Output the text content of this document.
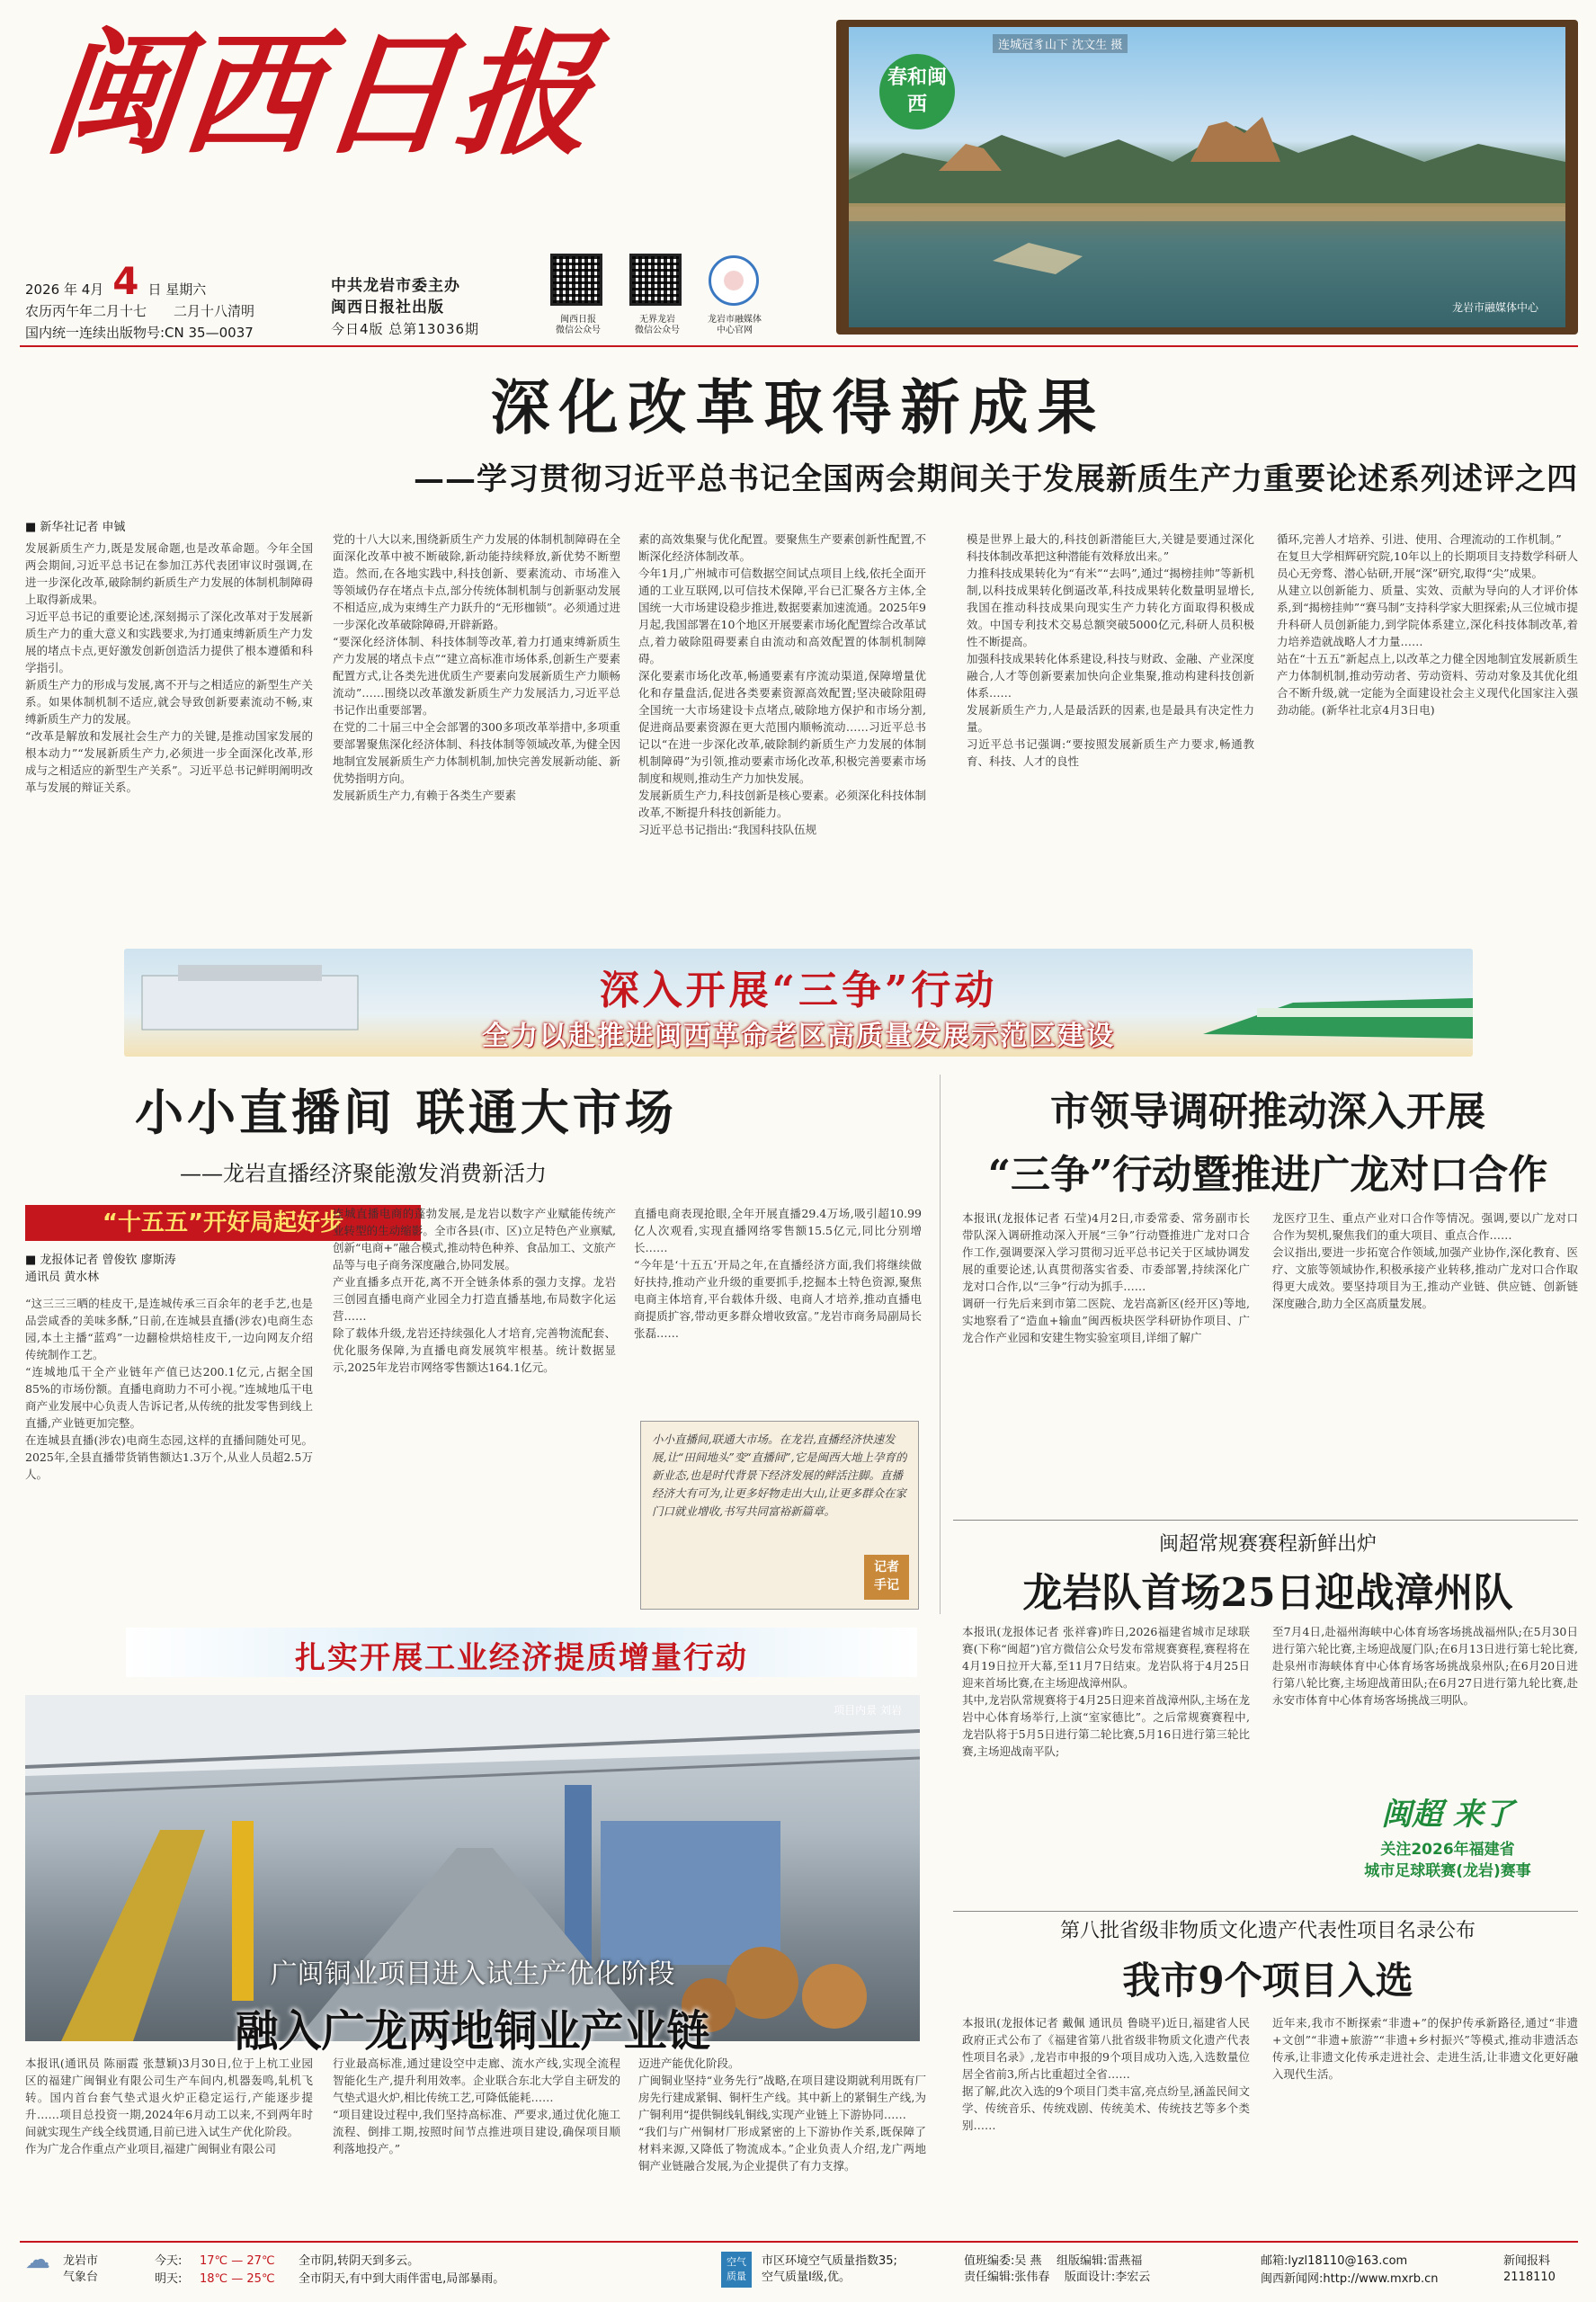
闽西日报
2026 年 4月 4 日 星期六
农历丙午年二月十七 二月十八清明
国内统一连续出版物号:CN 35—0037
中共龙岩市委主办
闽西日报社出版
今日4版 总第13036期
闽西日报
微信公众号
无界龙岩
微信公众号
龙岩市融媒体
中心官网
春和闽西
连城冠豸山下 沈文生 摄
龙岩市融媒体中心
深化改革取得新成果
——学习贯彻习近平总书记全国两会期间关于发展新质生产力重要论述系列述评之四
■ 新华社记者 申铖
发展新质生产力,既是发展命题,也是改革命题。今年全国两会期间,习近平总书记在参加江苏代表团审议时强调,在进一步深化改革,破除制约新质生产力发展的体制机制障碍上取得新成果。
习近平总书记的重要论述,深刻揭示了深化改革对于发展新质生产力的重大意义和实践要求,为打通束缚新质生产力发展的堵点卡点,更好激发创新创造活力提供了根本遵循和科学指引。
新质生产力的形成与发展,离不开与之相适应的新型生产关系。如果体制机制不适应,就会导致创新要素流动不畅,束缚新质生产力的发展。
“改革是解放和发展社会生产力的关键,是推动国家发展的根本动力”“发展新质生产力,必须进一步全面深化改革,形成与之相适应的新型生产关系”。习近平总书记鲜明阐明改革与发展的辩证关系。
党的十八大以来,围绕新质生产力发展的体制机制障碍在全面深化改革中被不断破除,新动能持续释放,新优势不断塑造。然而,在各地实践中,科技创新、要素流动、市场准入等领域仍存在堵点卡点,部分传统体制机制与创新驱动发展不相适应,成为束缚生产力跃升的“无形枷锁”。必须通过进一步深化改革破除障碍,开辟新路。
“要深化经济体制、科技体制等改革,着力打通束缚新质生产力发展的堵点卡点”“建立高标准市场体系,创新生产要素配置方式,让各类先进优质生产要素向发展新质生产力顺畅流动”……围绕以改革激发新质生产力发展活力,习近平总书记作出重要部署。
在党的二十届三中全会部署的300多项改革举措中,多项重要部署聚焦深化经济体制、科技体制等领域改革,为健全因地制宜发展新质生产力体制机制,加快完善发展新动能、新优势指明方向。
发展新质生产力,有赖于各类生产要素
素的高效集聚与优化配置。要聚焦生产要素创新性配置,不断深化经济体制改革。
今年1月,广州城市可信数据空间试点项目上线,依托全面开通的工业互联网,以可信技术保障,平台已汇聚各方主体,全国统一大市场建设稳步推进,数据要素加速流通。2025年9月起,我国部署在10个地区开展要素市场化配置综合改革试点,着力破除阻碍要素自由流动和高效配置的体制机制障碍。
深化要素市场化改革,畅通要素有序流动渠道,保障增量优化和存量盘活,促进各类要素资源高效配置;坚决破除阻碍全国统一大市场建设卡点堵点,破除地方保护和市场分割,促进商品要素资源在更大范围内顺畅流动……习近平总书记以“在进一步深化改革,破除制约新质生产力发展的体制机制障碍”为引领,推动要素市场化改革,积极完善要素市场制度和规则,推动生产力加快发展。
发展新质生产力,科技创新是核心要素。必须深化科技体制改革,不断提升科技创新能力。
习近平总书记指出:“我国科技队伍规
模是世界上最大的,科技创新潜能巨大,关键是要通过深化科技体制改革把这种潜能有效释放出来。”
力推科技成果转化为“有米”“去吗”,通过“揭榜挂帅”等新机制,以科技成果转化倒逼改革,科技成果转化数量明显增长,我国在推动科技成果向现实生产力转化方面取得积极成效。中国专利技术交易总额突破5000亿元,科研人员积极性不断提高。
加强科技成果转化体系建设,科技与财政、金融、产业深度融合,人才等创新要素加快向企业集聚,推动构建科技创新体系……
发展新质生产力,人是最活跃的因素,也是最具有决定性力量。
习近平总书记强调:“要按照发展新质生产力要求,畅通教育、科技、人才的良性
循环,完善人才培养、引进、使用、合理流动的工作机制。”
在复旦大学相辉研究院,10年以上的长期项目支持数学科研人员心无旁骛、潜心钻研,开展“深”研究,取得“尖”成果。
从建立以创新能力、质量、实效、贡献为导向的人才评价体系,到“揭榜挂帅”“赛马制”支持科学家大胆探索;从三位城市提升科研人员创新能力,到学院体系建立,深化科技体制改革,着力培养造就战略人才力量……
站在“十五五”新起点上,以改革之力健全因地制宜发展新质生产力体制机制,推动劳动者、劳动资料、劳动对象及其优化组合不断升级,就一定能为全面建设社会主义现代化国家注入强劲动能。(新华社北京4月3日电)
深入开展“三争”行动
全力以赴推进闽西革命老区高质量发展示范区建设
小小直播间 联通大市场
——龙岩直播经济聚能激发消费新活力
“十五五”开好局起好步
■ 龙报体记者 曾俊钦 廖斯涛
通讯员 黄水林
“这三三三晒的桂皮干,是连城传承三百余年的老手艺,也是品尝咸香的美味多酥,”日前,在连城县直播(涉农)电商生态园,本土主播“蓝鸡”一边翻检烘焙桂皮干,一边向网友介绍传统制作工艺。
“连城地瓜干全产业链年产值已达200.1亿元,占据全国85%的市场份额。直播电商助力不可小视。”连城地瓜干电商产业发展中心负责人告诉记者,从传统的批发零售到线上直播,产业链更加完整。
在连城县直播(涉农)电商生态园,这样的直播间随处可见。2025年,全县直播带货销售额达1.3万个,从业人员超2.5万人。
连城直播电商的蓬勃发展,是龙岩以数字产业赋能传统产业转型的生动缩影。全市各县(市、区)立足特色产业禀赋,创新“电商+”融合模式,推动特色种养、食品加工、文旅产品等与电子商务深度融合,协同发展。
产业直播多点开花,离不开全链条体系的强力支撑。龙岩三创园直播电商产业园全力打造直播基地,布局数字化运营……
除了载体升级,龙岩还持续强化人才培育,完善物流配套、优化服务保障,为直播电商发展筑牢根基。统计数据显示,2025年龙岩市网络零售额达164.1亿元。
直播电商表现抢眼,全年开展直播29.4万场,吸引超10.99亿人次观看,实现直播网络零售额15.5亿元,同比分别增长……
“今年是‘十五五’开局之年,在直播经济方面,我们将继续做好扶持,推动产业升级的重要抓手,挖掘本土特色资源,聚焦电商主体培育,平台载体升级、电商人才培养,推动直播电商提质扩容,带动更多群众增收致富。”龙岩市商务局副局长张磊……
小小直播间,联通大市场。在龙岩,直播经济快速发展,让“田间地头”变“直播间”,它是闽西大地上孕育的新业态,也是时代背景下经济发展的鲜活注脚。直播经济大有可为,让更多好物走出大山,让更多群众在家门口就业增收,书写共同富裕新篇章。
记者
手记
市领导调研推动深入开展
“三争”行动暨推进广龙对口合作
本报讯(龙报体记者 石莹)4月2日,市委常委、常务副市长带队深入调研推动深入开展“三争”行动暨推进广龙对口合作工作,强调要深入学习贯彻习近平总书记关于区域协调发展的重要论述,认真贯彻落实省委、市委部署,持续深化广龙对口合作,以“三争”行动为抓手……
调研一行先后来到市第二医院、龙岩高新区(经开区)等地,实地察看了“造血+输血”闽西板块医学科研协作项目、广龙合作产业园和安建生物实验室项目,详细了解广
龙医疗卫生、重点产业对口合作等情况。强调,要以广龙对口合作为契机,聚焦我们的重大项目、重点合作……
会议指出,要进一步拓宽合作领域,加强产业协作,深化教育、医疗、文旅等领域协作,积极承接产业转移,推动广龙对口合作取得更大成效。要坚持项目为王,推动产业链、供应链、创新链深度融合,助力全区高质量发展。
闽超常规赛赛程新鲜出炉
龙岩队首场25日迎战漳州队
本报讯(龙报体记者 张祥睿)昨日,2026福建省城市足球联赛(下称“闽超”)官方微信公众号发布常规赛赛程,赛程将在4月19日拉开大幕,至11月7日结束。龙岩队将于4月25日迎来首场比赛,在主场迎战漳州队。
其中,龙岩队常规赛将于4月25日迎来首战漳州队,主场在龙岩中心体育场举行,上演“室家德比”。之后常规赛赛程中,龙岩队将于5月5日进行第二轮比赛,5月16日进行第三轮比赛,主场迎战南平队;
至7月4日,赴福州海峡中心体育场客场挑战福州队;在5月30日进行第六轮比赛,主场迎战厦门队;在6月13日进行第七轮比赛,赴泉州市海峡体育中心体育场客场挑战泉州队;在6月20日进行第八轮比赛,主场迎战莆田队;在6月27日进行第九轮比赛,赴永安市体育中心体育场客场挑战三明队。
闽超 来了
关注2026年福建省
城市足球联赛(龙岩)赛事
扎实开展工业经济提质增量行动
项目内景 刘岩
广闽铜业项目进入试生产优化阶段
融入广龙两地铜业产业链
本报讯(通讯员 陈丽霞 张慧颖)3月30日,位于上杭工业园区的福建广闽铜业有限公司生产车间内,机器轰鸣,轧机飞转。国内首台套气垫式退火炉正稳定运行,产能逐步提升……项目总投资一期,2024年6月动工以来,不到两年时间就实现生产线全线贯通,目前已进入试生产优化阶段。
作为广龙合作重点产业项目,福建广闽铜业有限公司
行业最高标准,通过建设空中走廊、流水产线,实现全流程智能化生产,提升利用效率。企业联合东北大学自主研发的气垫式退火炉,相比传统工艺,可降低能耗……
“项目建设过程中,我们坚持高标准、严要求,通过优化施工流程、倒排工期,按照时间节点推进项目建设,确保项目顺利落地投产。”
迈进产能优化阶段。
广闽铜业坚持“业务先行”战略,在项目建设期就利用既有厂房先行建成紧铜、铜杆生产线。其中新上的紧铜生产线,为广铜利用“提供铜线轧铜线,实现产业链上下游协同……
“我们与广州铜材厂形成紧密的上下游协作关系,既保障了材料来源,又降低了物流成本。”企业负责人介绍,龙广两地铜产业链融合发展,为企业提供了有力支撑。
第八批省级非物质文化遗产代表性项目名录公布
我市9个项目入选
本报讯(龙报体记者 戴佩 通讯员 鲁晓平)近日,福建省人民政府正式公布了《福建省第八批省级非物质文化遗产代表性项目名录》,龙岩市申报的9个项目成功入选,入选数量位居全省前3,所占比重超过全省……
据了解,此次入选的9个项目门类丰富,亮点纷呈,涵盖民间文学、传统音乐、传统戏剧、传统美术、传统技艺等多个类别……
近年来,我市不断探索“非遗+”的保护传承新路径,通过“非遗+文创”“非遗+旅游”“非遗+乡村振兴”等模式,推动非遗活态传承,让非遗文化传承走进社会、走进生活,让非遗文化更好融入现代生活。
☁ 龙岩市
气象台
今天: 17℃ — 27℃ 全市阴,转阴天到多云。
明天: 18℃ — 25℃ 全市阴天,有中到大雨伴雷电,局部暴雨。
空气
质量
市区环境空气质量指数35;
空气质量I级,优。
值班编委:吴 燕    组版编辑:雷燕福
责任编辑:张伟春    版面设计:李宏云
邮箱:lyzl18110@163.com
闽西新闻网:http://www.mxrb.cn
新闻报料
2118110
